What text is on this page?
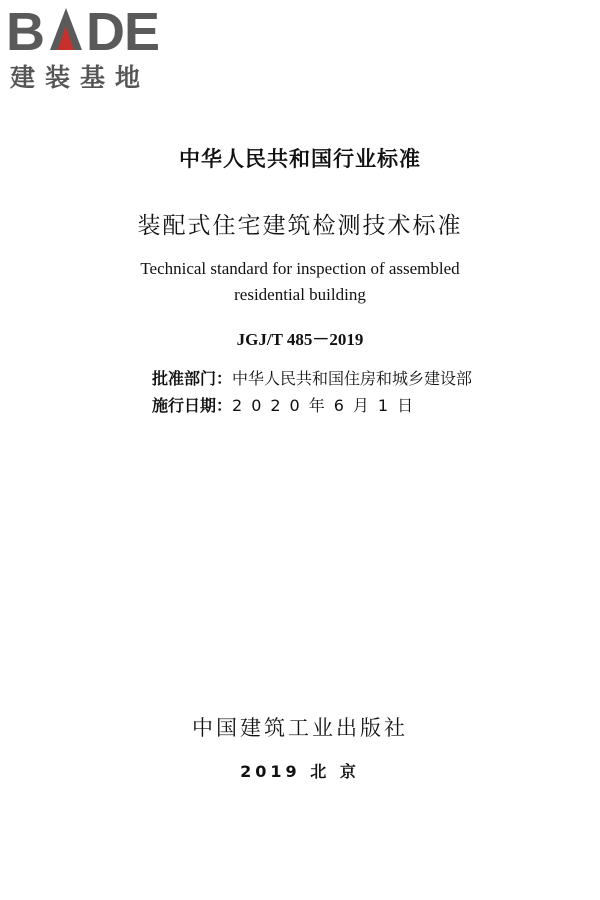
B DE
建装基地
中华人民共和国行业标准
装配式住宅建筑检测技术标准
Technical standard for inspection of assembled
residential building
JGJ/T 485－2019
批准部门：中华人民共和国住房和城乡建设部
施行日期：2020年6月1日
中国建筑工业出版社
2019 北 京
